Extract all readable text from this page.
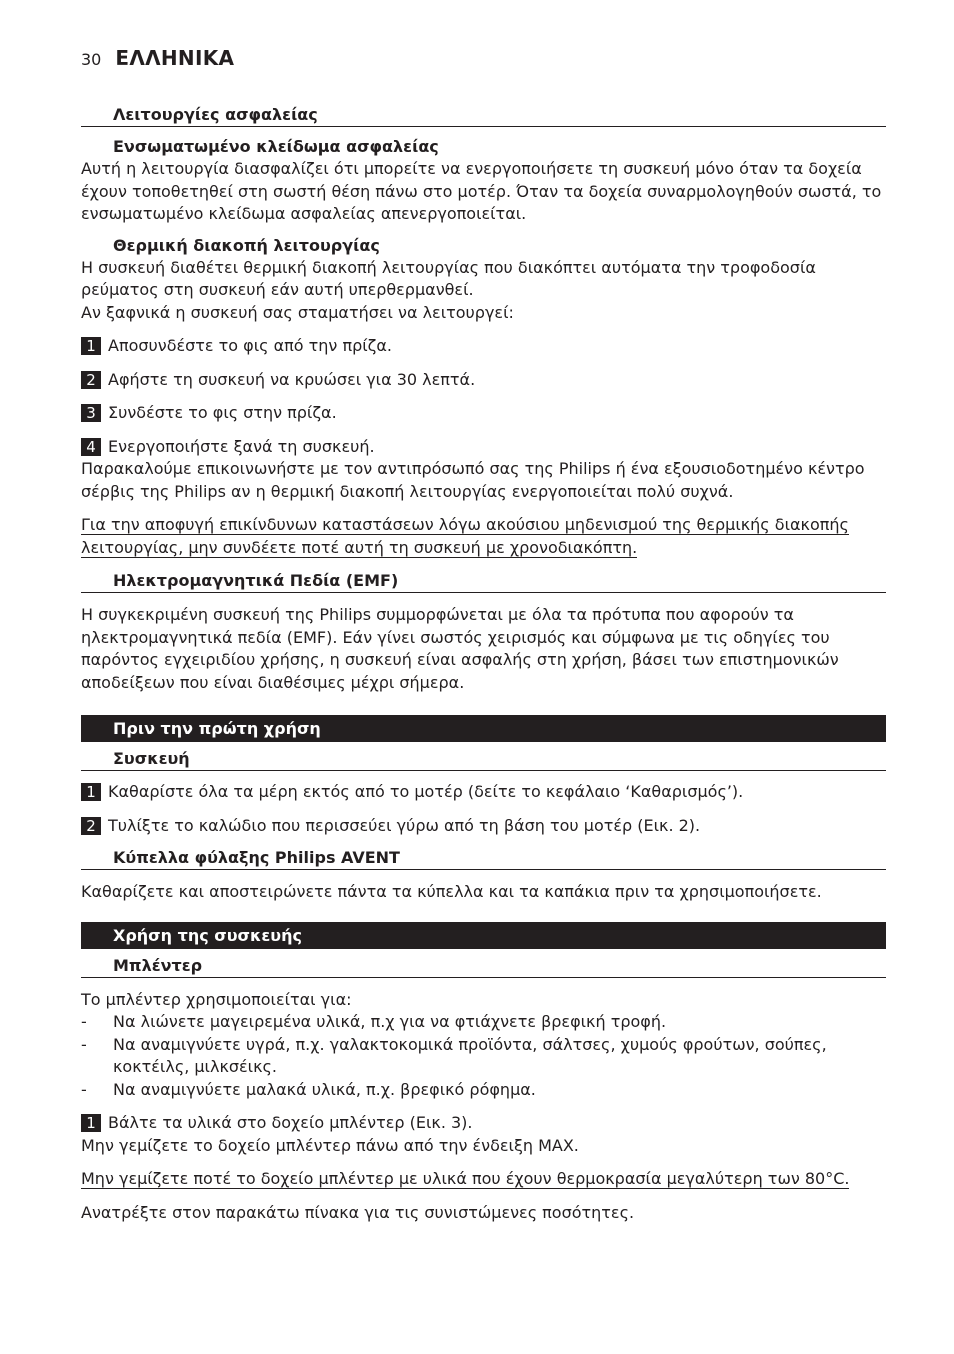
30 ΕΛΛΗΝΙΚΑ
Λειτουργίες ασφαλείας
Ενσωματωμένο κλείδωμα ασφαλείας

Αυτή η λειτουργία διασφαλίζει ότι μπορείτε να ενεργοποιήσετε τη συσκευή μόνο όταν τα δοχεία έχουν τοποθετηθεί στη σωστή θέση πάνω στο μοτέρ. Όταν τα δοχεία συναρμολογηθούν σωστά, το ενσωματωμένο κλείδωμα ασφαλείας απενεργοποιείται.

Θερμική διακοπή λειτουργίας

Η συσκευή διαθέτει θερμική διακοπή λειτουργίας που διακόπτει αυτόματα την τροφοδοσία ρεύματος στη συσκευή εάν αυτή υπερθερμανθεί.

Αν ξαφνικά η συσκευή σας σταματήσει να λειτουργεί:

1 Αποσυνδέστε το φις από την πρίζα.
2 Αφήστε τη συσκευή να κρυώσει για 30 λεπτά.
3 Συνδέστε το φις στην πρίζα.
4 Ενεργοποιήστε ξανά τη συσκευή.

Παρακαλούμε επικοινωνήστε με τον αντιπρόσωπό σας της Philips ή ένα εξουσιοδοτημένο κέντρο σέρβις της Philips αν η θερμική διακοπή λειτουργίας ενεργοποιείται πολύ συχνά.

Για την αποφυγή επικίνδυνων καταστάσεων λόγω ακούσιου μηδενισμού της θερμικής διακοπής λειτουργίας, μην συνδέετε ποτέ αυτή τη συσκευή με χρονοδιακόπτη.
Ηλεκτρομαγνητικά Πεδία (EMF)

Η συγκεκριμένη συσκευή της Philips συμμορφώνεται με όλα τα πρότυπα που αφορούν τα ηλεκτρομαγνητικά πεδία (EMF). Εάν γίνει σωστός χειρισμός και σύμφωνα με τις οδηγίες του παρόντος εγχειριδίου χρήσης, η συσκευή είναι ασφαλής στη χρήση, βάσει των επιστημονικών αποδείξεων που είναι διαθέσιμες μέχρι σήμερα.

Πριν την πρώτη χρήση
Συσκευή
1 Καθαρίστε όλα τα μέρη εκτός από το μοτέρ (δείτε το κεφάλαιο ‘Καθαρισμός’).
2 Τυλίξτε το καλώδιο που περισσεύει γύρω από τη βάση του μοτέρ (Εικ. 2).
Κύπελλα φύλαξης Philips AVENT

Καθαρίζετε και αποστειρώνετε πάντα τα κύπελλα και τα καπάκια πριν τα χρησιμοποιήσετε.

Χρήση της συσκευής
Μπλέντερ

Το μπλέντερ χρησιμοποιείται για:

-	Να λιώνετε μαγειρεμένα υλικά, π.χ για να φτιάχνετε βρεφική τροφή.
-	Να αναμιγνύετε υγρά, π.χ. γαλακτοκομικά προϊόντα, σάλτσες, χυμούς φρούτων, σούπες, κοκτέιλς, μιλκσέικς.
-	Να αναμιγνύετε μαλακά υλικά, π.χ. βρεφικό ρόφημα.
1 Βάλτε τα υλικά στο δοχείο μπλέντερ (Εικ. 3).

Μην γεμίζετε το δοχείο μπλέντερ πάνω από την ένδειξη MAX.

Μην γεμίζετε ποτέ το δοχείο μπλέντερ με υλικά που έχουν θερμοκρασία μεγαλύτερη των 80°C.

Ανατρέξτε στον παρακάτω πίνακα για τις συνιστώμενες ποσότητες.
